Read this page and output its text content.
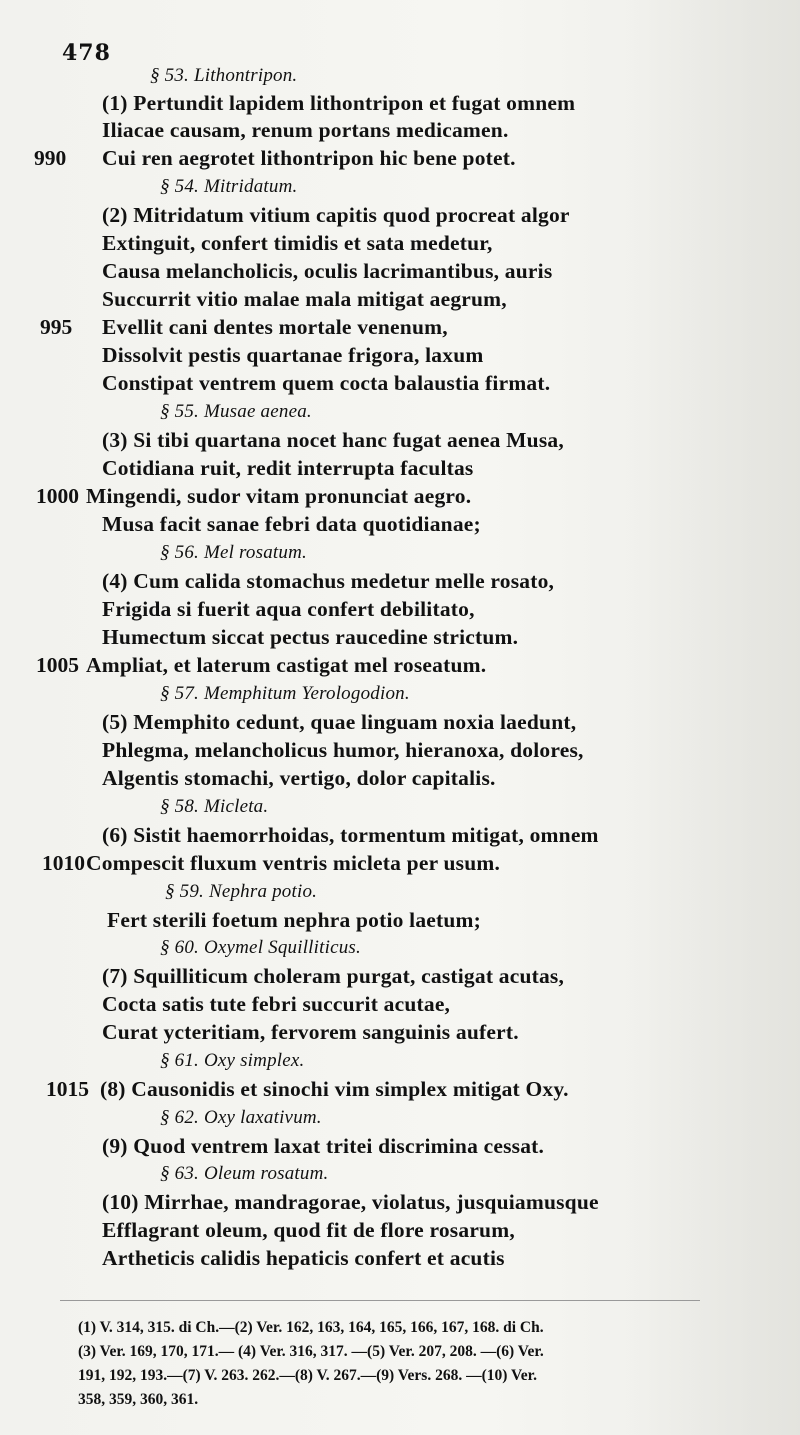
478
§ 53. Lithontripon.
(1) Pertundit lapidem lithontripon et fugat omnem
Iliacae causam, renum portans medicamen.
Cui ren aegrotet lithontripon hic bene potet.
990
§ 54. Mitridatum.
(2) Mitridatum vitium capitis quod procreat algor
Extinguit, confert timidis et sata medetur,
Causa melancholicis, oculis lacrimantibus, auris
Succurrit vitio malae mala mitigat aegrum,
Evellit cani dentes mortale venenum,
995
Dissolvit pestis quartanae frigora, laxum
Constipat ventrem quem cocta balaustia firmat.
§ 55. Musae aenea.
(3) Si tibi quartana nocet hanc fugat aenea Musa,
Cotidiana ruit, redit interrupta facultas
Mingendi, sudor vitam pronunciat aegro.
1000
Musa facit sanae febri data quotidianae;
§ 56. Mel rosatum.
(4) Cum calida stomachus medetur melle rosato,
Frigida si fuerit aqua confert debilitato,
Humectum siccat pectus raucedine strictum.
Ampliat, et laterum castigat mel roseatum.
1005
§ 57. Memphitum Yerologodion.
(5) Memphito cedunt, quae linguam noxia laedunt,
Phlegma, melancholicus humor, hieranoxa, dolores,
Algentis stomachi, vertigo, dolor capitalis.
§ 58. Micleta.
(6) Sistit haemorrhoidas, tormentum mitigat, omnem
Compescit fluxum ventris micleta per usum.
1010
§ 59. Nephra potio.
Fert sterili foetum nephra potio laetum;
§ 60. Oxymel Squilliticus.
(7) Squilliticum choleram purgat, castigat acutas,
Cocta satis tute febri succurit acutae,
Curat ycteritiam, fervorem sanguinis aufert.
§ 61. Oxy simplex.
(8) Causonidis et sinochi vim simplex mitigat Oxy.
1015
§ 62. Oxy laxativum.
(9) Quod ventrem laxat tritei discrimina cessat.
§ 63. Oleum rosatum.
(10) Mirrhae, mandragorae, violatus, jusquiamusque
Efflagrant oleum, quod fit de flore rosarum,
Artheticis calidis hepaticis confert et acutis
(1) V. 314, 315. di Ch.—(2) Ver. 162, 163, 164, 165, 166, 167, 168. di Ch.
(3) Ver. 169, 170, 171.— (4) Ver. 316, 317. —(5) Ver. 207, 208. —(6) Ver.
191, 192, 193.—(7) V. 263. 262.—(8) V. 267.—(9) Vers. 268. —(10) Ver.
358, 359, 360, 361.
